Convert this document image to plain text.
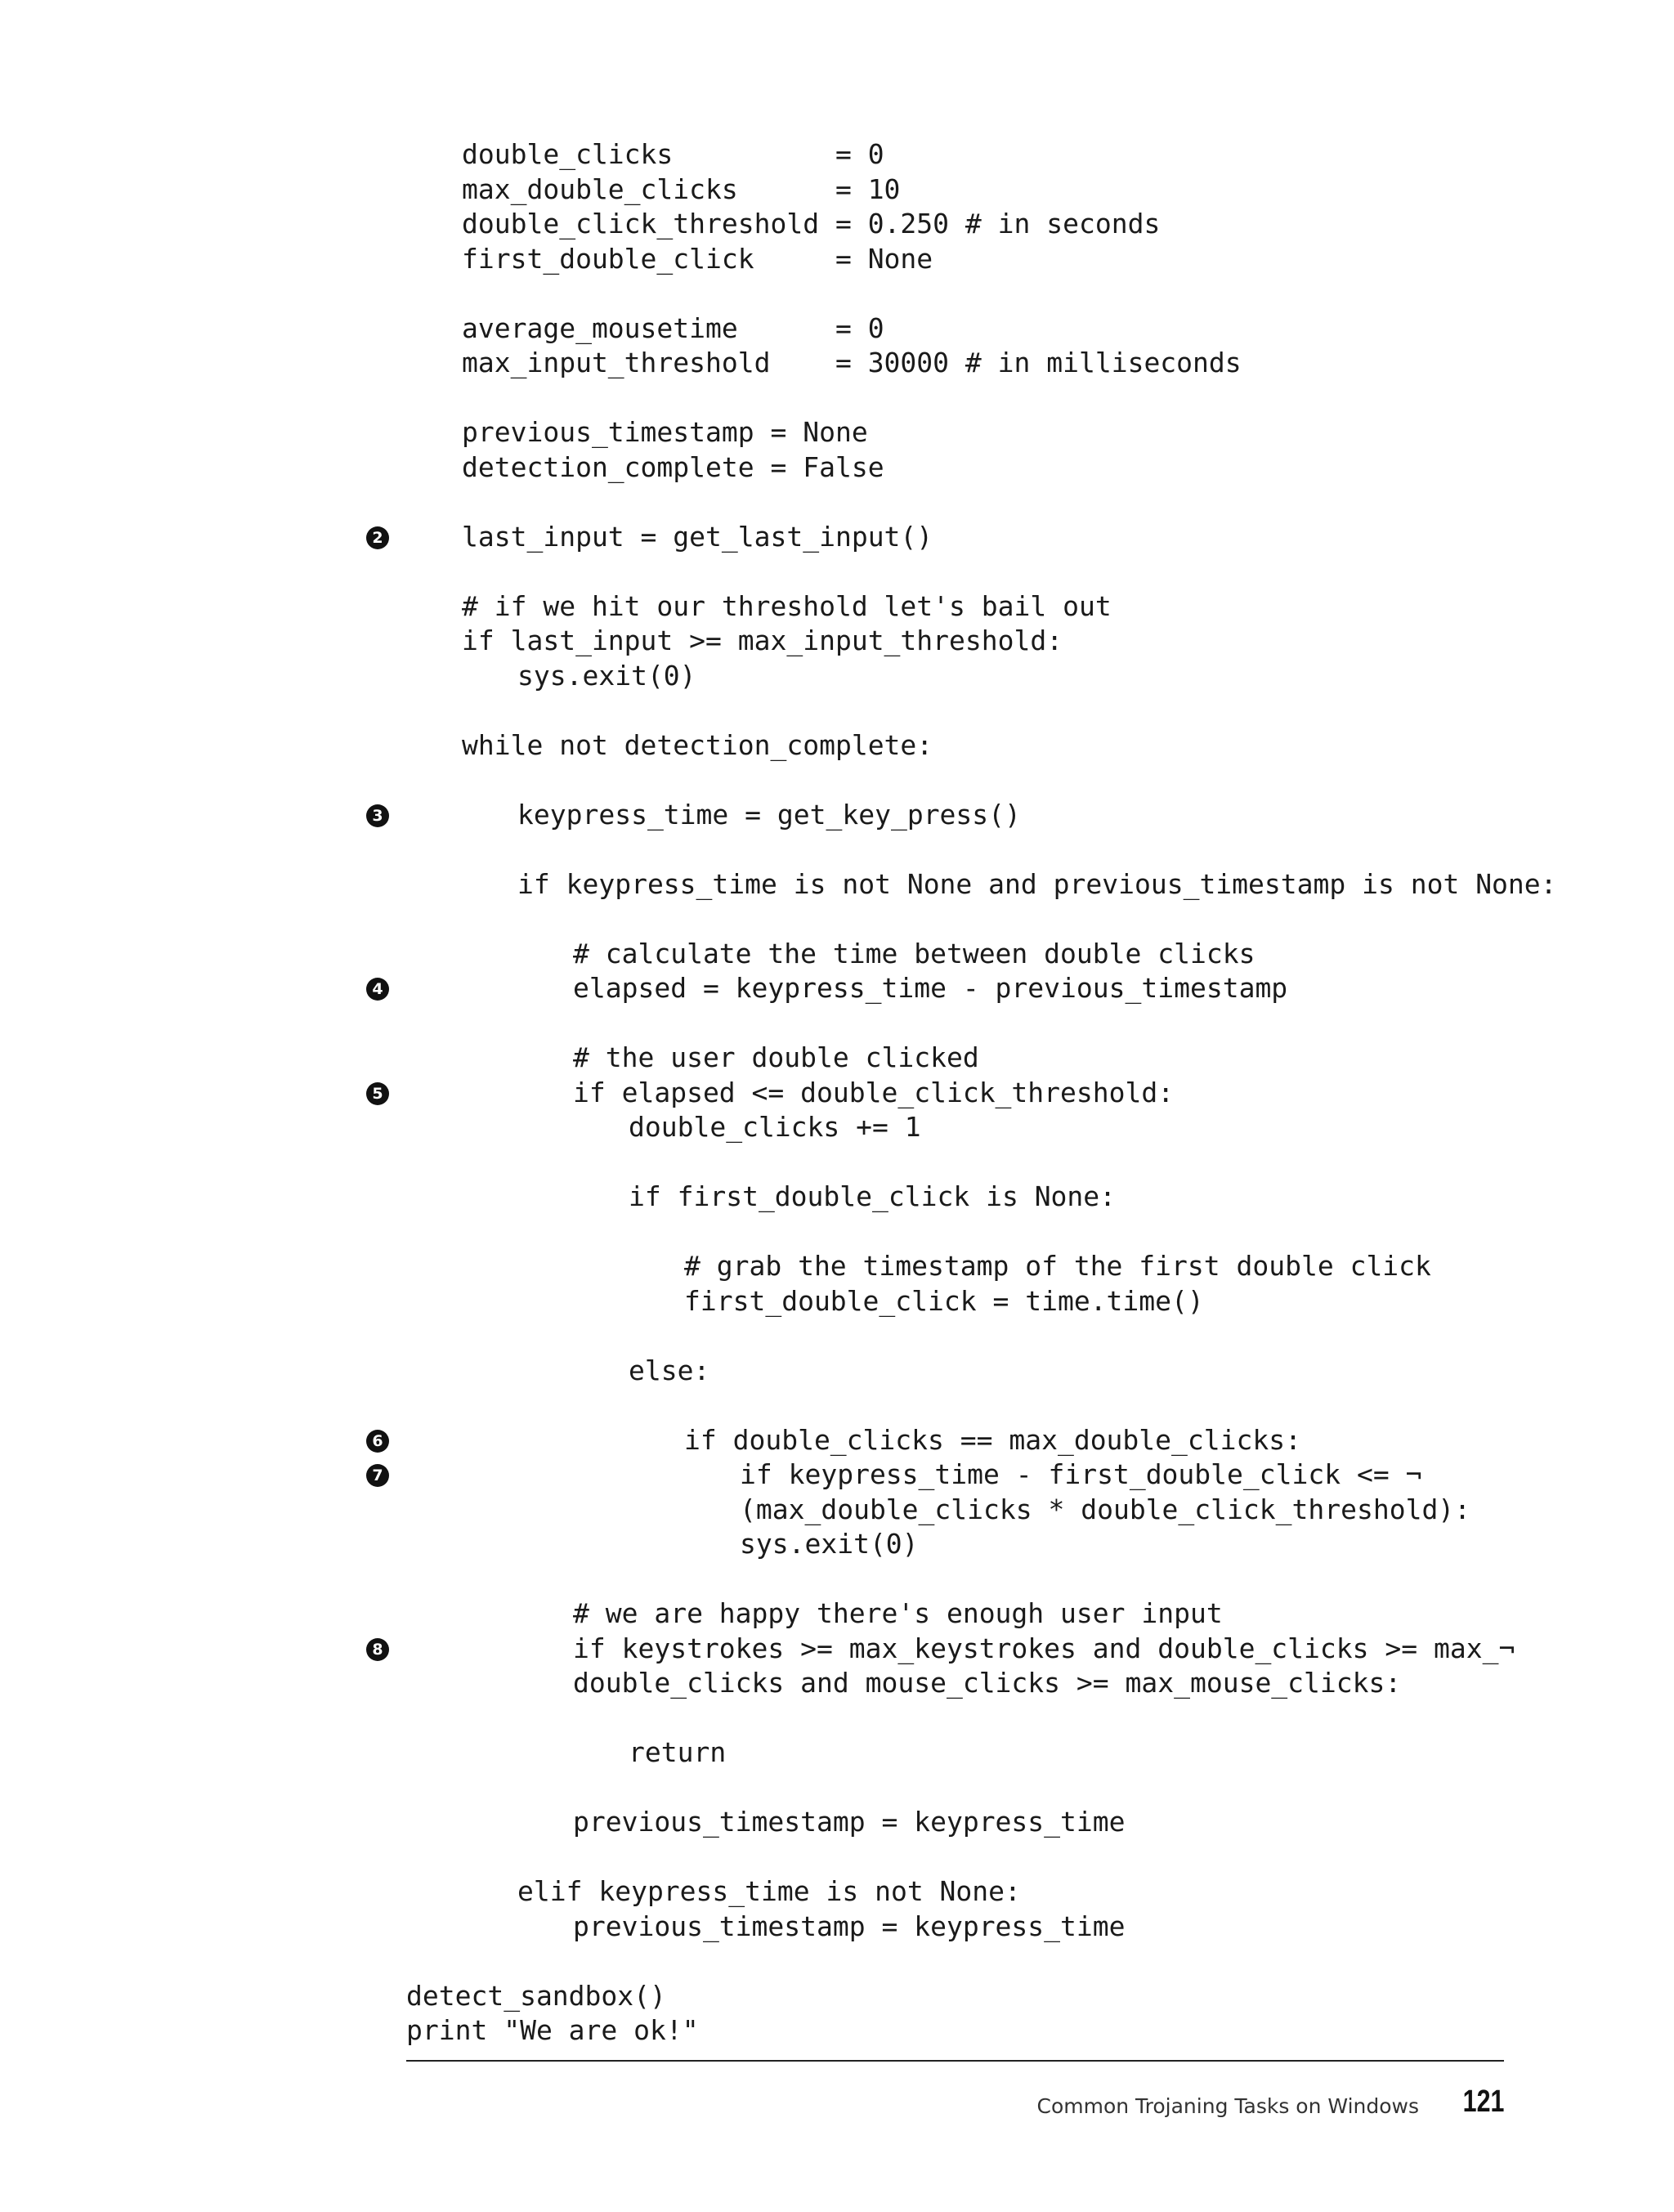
double_clicks          = 0
max_double_clicks      = 10
double_click_threshold = 0.250 # in seconds
first_double_click     = None
average_mousetime      = 0
max_input_threshold    = 30000 # in milliseconds
previous_timestamp = None
detection_complete = False
2	last_input = get_last_input()
# if we hit our threshold let's bail out
if last_input >= max_input_threshold:
sys.exit(0)
while not detection_complete:
3	keypress_time = get_key_press()
if keypress_time is not None and previous_timestamp is not None:
# calculate the time between double clicks
4	elapsed = keypress_time - previous_timestamp
# the user double clicked
5	if elapsed <= double_click_threshold:
double_clicks += 1
if first_double_click is None:
# grab the timestamp of the first double click
first_double_click = time.time()
else:
6	if double_clicks == max_double_clicks:
7	if keypress_time - first_double_click <= ¬
(max_double_clicks * double_click_threshold):
sys.exit(0)
# we are happy there's enough user input
8	if keystrokes >= max_keystrokes and double_clicks >= max_¬
double_clicks and mouse_clicks >= max_mouse_clicks:
return
previous_timestamp = keypress_time
elif keypress_time is not None:
previous_timestamp = keypress_time
detect_sandbox()
print "We are ok!"
Common Trojaning Tasks on Windows 121
